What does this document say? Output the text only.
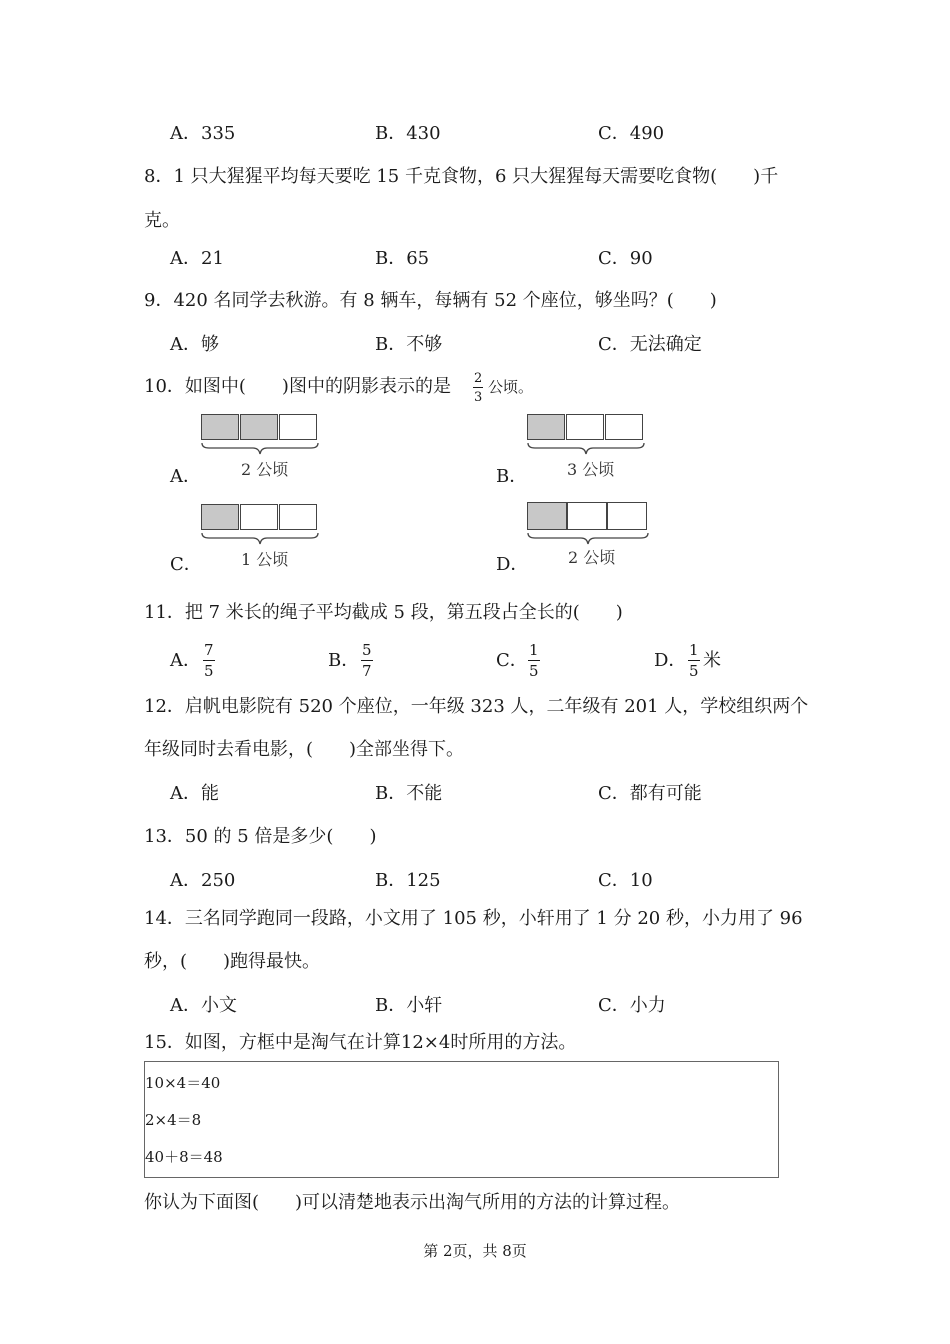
A．335	B．430	C．490
8．1 只大猩猩平均每天要吃 15 千克食物，6 只大猩猩每天需要吃食物(　　)千
克。
A．21	B．65	C．90
9．420 名同学去秋游。有 8 辆车，每辆有 52 个座位，够坐吗？(　　)
A．够	B．不够	C．无法确定
10．如图中(　　)图中的阴影表示的是 $\frac{2}{3}$ 公顷。
A．	2 公顷	B． 3 公顷
C． 1 公顷	D． 2 公顷
11．把 7 米长的绳子平均截成 5 段，第五段占全长的(　　)
A． $\frac{7}{5}$	B． $\frac{5}{7}$	C． $\frac{1}{5}$	D． $\frac{1}{5}$ 米
12．启帆电影院有 520 个座位，一年级 323 人，二年级有 201 人，学校组织两个
年级同时去看电影，(　　)全部坐得下。
A．能	B．不能	C．都有可能
13．50 的 5 倍是多少(　　)
A．250	B．125	C．10
14．三名同学跑同一段路，小文用了 105 秒，小轩用了 1 分 20 秒，小力用了 96
秒，(　　)跑得最快。
A．小文	B．小轩	C．小力
15．如图，方框中是淘气在计算12×4时所用的方法。
10×4＝40
2×4＝8
40＋8＝48
你认为下面图(　　)可以清楚地表示出淘气所用的方法的计算过程。
第 2页，共 8页
